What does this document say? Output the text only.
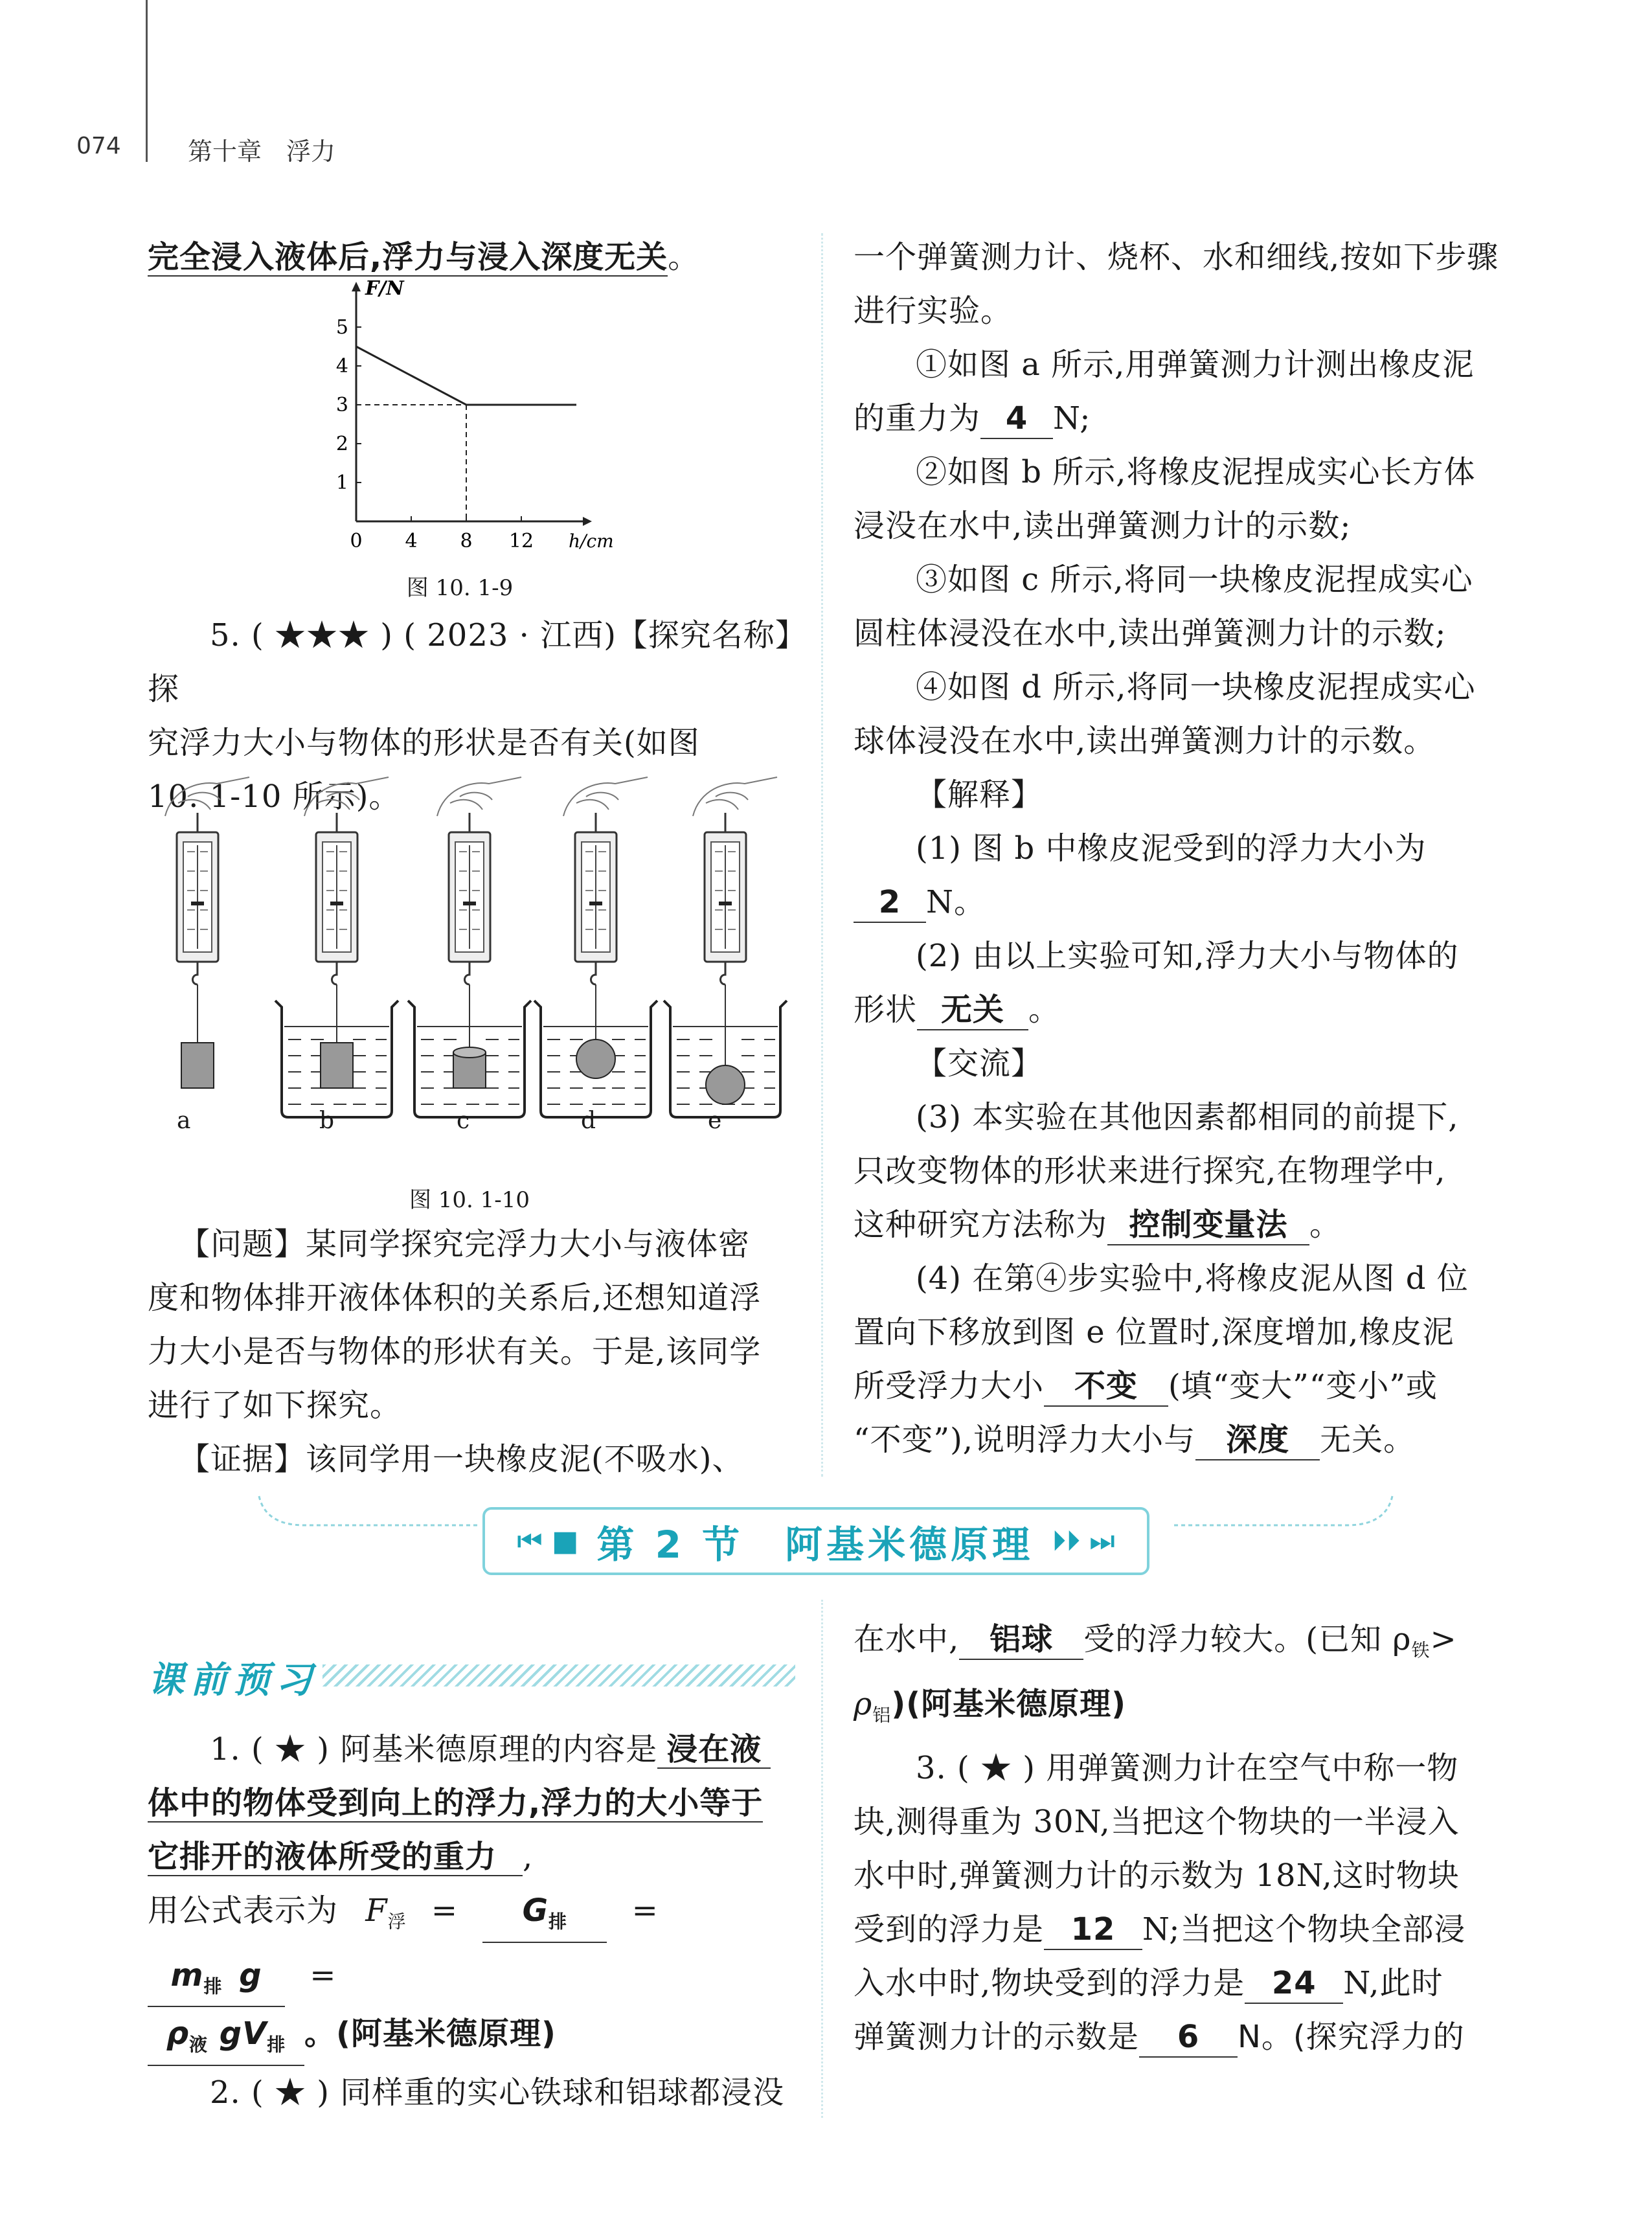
074	第十章　浮力
完全浸入液体后,浮力与浸入深度无关。
F/N
h/cm
0 4 8 12
1
2
3
4
5
图 10. 1-9

5. ( ★★★ ) ( 2023 · 江西)【探究名称】探

究浮力大小与物体的形状是否有关(如图

10. 1-10 所示)。

a	b	c	d	e
图 10. 1-10

【问题】某同学探究完浮力大小与液体密

度和物体排开液体体积的关系后,还想知道浮

力大小是否与物体的形状有关。于是,该同学

进行了如下探究。

【证据】该同学用一块橡皮泥(不吸水)、

一个弹簧测力计、烧杯、水和细线,按如下步骤

进行实验。

①如图 a 所示,用弹簧测力计测出橡皮泥

的重力为 4 N;

②如图 b 所示,将橡皮泥捏成实心长方体

浸没在水中,读出弹簧测力计的示数;

③如图 c 所示,将同一块橡皮泥捏成实心

圆柱体浸没在水中,读出弹簧测力计的示数;

④如图 d 所示,将同一块橡皮泥捏成实心

球体浸没在水中,读出弹簧测力计的示数。

【解释】

(1) 图 b 中橡皮泥受到的浮力大小为

2 N。

(2) 由以上实验可知,浮力大小与物体的

形状 无关 。

【交流】

(3) 本实验在其他因素都相同的前提下,

只改变物体的形状来进行探究,在物理学中,

这种研究方法称为 控制变量法 。

(4) 在第④步实验中,将橡皮泥从图 d 位

置向下移放到图 e 位置时,深度增加,橡皮泥

所受浮力大小 不变 (填“变大”“变小”或

“不变”),说明浮力大小与 深度 无关。

⏮ ■ 第 2 节　阿基米德原理 ⏵⏵ ⏭
课前预习

1. ( ★ ) 阿基米德原理的内容是 浸在液

体中的物体受到向上的浮力,浮力的大小等于

它排开的液体所受的重力 ,

用公式表示为 $F_浮 = G_排 = m_排$ g =

$\rho_液$ $gV_排$ 。(阿基米德原理)

2. ( ★ ) 同样重的实心铁球和铝球都浸没

在水中, 铝球 受的浮力较大。(已知 $\rho_铁>$

$\rho_铝$)(阿基米德原理)

3. ( ★ ) 用弹簧测力计在空气中称一物

块,测得重为 30N,当把这个物块的一半浸入

水中时,弹簧测力计的示数为 18N,这时物块

受到的浮力是 12 N;当把这个物块全部浸

入水中时,物块受到的浮力是 24 N,此时

弹簧测力计的示数是 6 N。(探究浮力的
